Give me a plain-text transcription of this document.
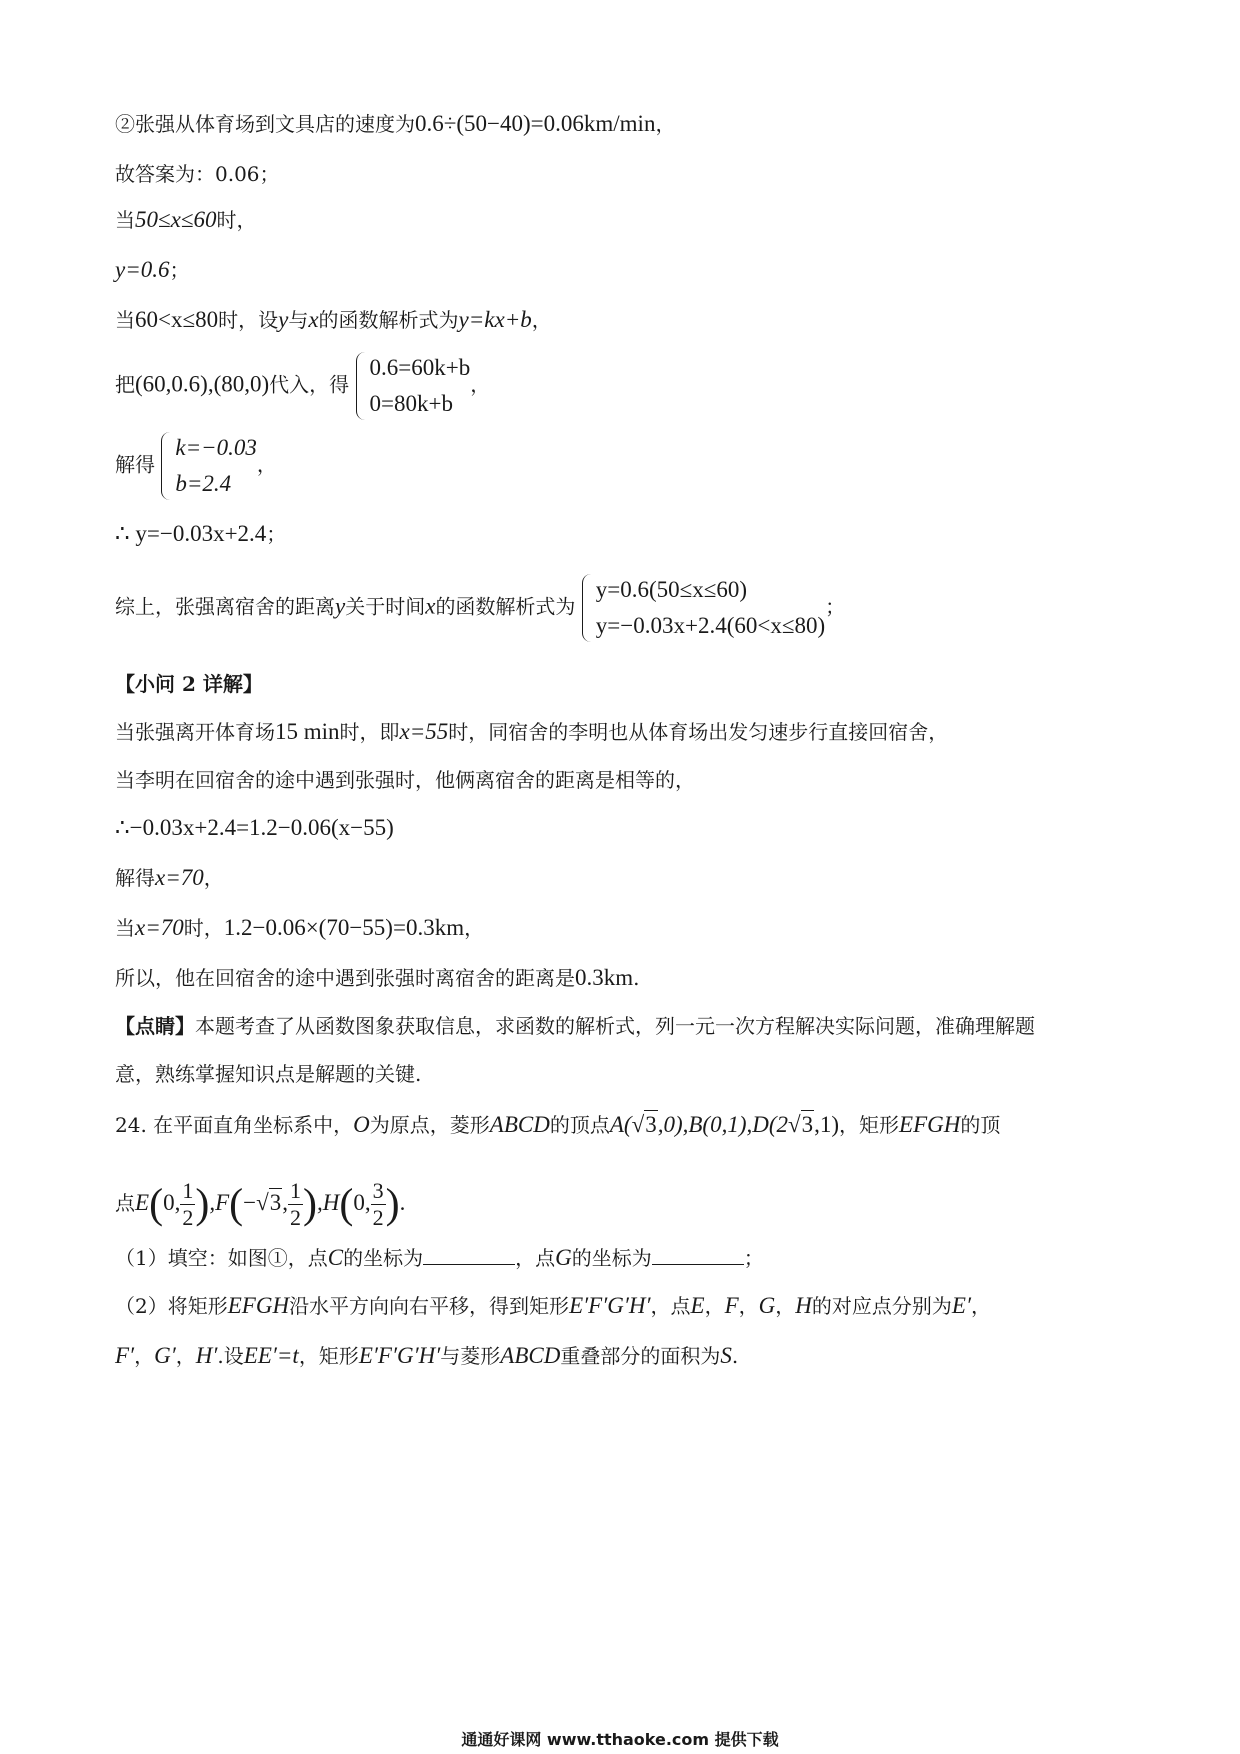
②张强从体育场到文具店的速度为0.6÷(50−40)=0.06km/min，
故答案为：0.06；
当50≤x≤60时，
y=0.6；
当60<x≤80时，设y与x的函数解析式为y=kx+b，
把(60,0.6),(80,0)代入，得
0.6=60k+b
0=80k+b
，
解得
k=−0.03
b=2.4
，
∴ y=−0.03x+2.4；
综上，张强离宿舍的距离y关于时间x的函数解析式为
y=0.6(50≤x≤60)
y=−0.03x+2.4(60<x≤80)
；
【小问 2 详解】
当张强离开体育场15 min时，即x=55时，同宿舍的李明也从体育场出发匀速步行直接回宿舍，
当李明在回宿舍的途中遇到张强时，他俩离宿舍的距离是相等的，
∴−0.03x+2.4=1.2−0.06(x−55)
解得x=70，
当x=70时，1.2−0.06×(70−55)=0.3km，
所以，他在回宿舍的途中遇到张强时离宿舍的距离是0.3km.
【点睛】本题考查了从函数图象获取信息，求函数的解析式，列一元一次方程解决实际问题，准确理解题
意，熟练掌握知识点是解题的关键.
24. 在平面直角坐标系中，O为原点，菱形ABCD的顶点A(√3,0),B(0,1),D(2√3,1)，矩形EFGH的顶
点E(0, $\frac{1}{2} ),F(-√3$, $\frac{1}{2} ),H(0$, $\frac{3}{2}$ ).
（1）填空：如图①，点C的坐标为	，点G的坐标为	；
（2）将矩形EFGH沿水平方向向右平移，得到矩形E′F′G′H′，点E，F，G，H的对应点分别为E′，
F′，G′，H′.设EE′=t，矩形E′F′G′H′与菱形ABCD重叠部分的面积为S.
通通好课网 www.tthaoke.com 提供下载
